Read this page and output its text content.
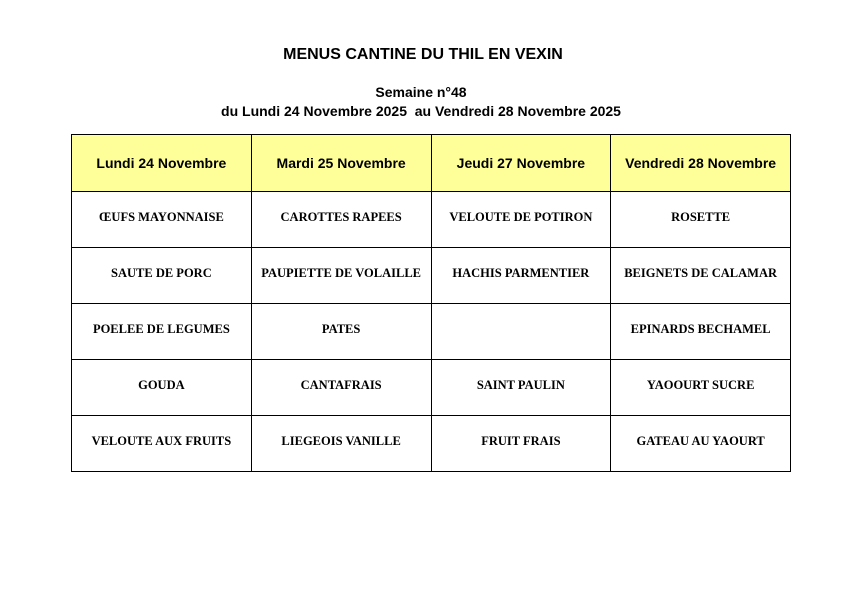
MENUS CANTINE DU THIL EN VEXIN
Semaine n°48
du Lundi 24 Novembre 2025  au Vendredi 28 Novembre 2025
Lundi 24 Novembre	Mardi 25 Novembre	Jeudi 27 Novembre	Vendredi 28 Novembre
ŒUFS MAYONNAISE	CAROTTES RAPEES	VELOUTE DE POTIRON	ROSETTE
SAUTE DE PORC	PAUPIETTE DE VOLAILLE	HACHIS PARMENTIER	BEIGNETS DE CALAMAR
POELEE DE LEGUMES	PATES		EPINARDS BECHAMEL
GOUDA	CANTAFRAIS	SAINT PAULIN	YAOOURT SUCRE
VELOUTE AUX FRUITS	LIEGEOIS VANILLE	FRUIT FRAIS	GATEAU AU YAOURT
